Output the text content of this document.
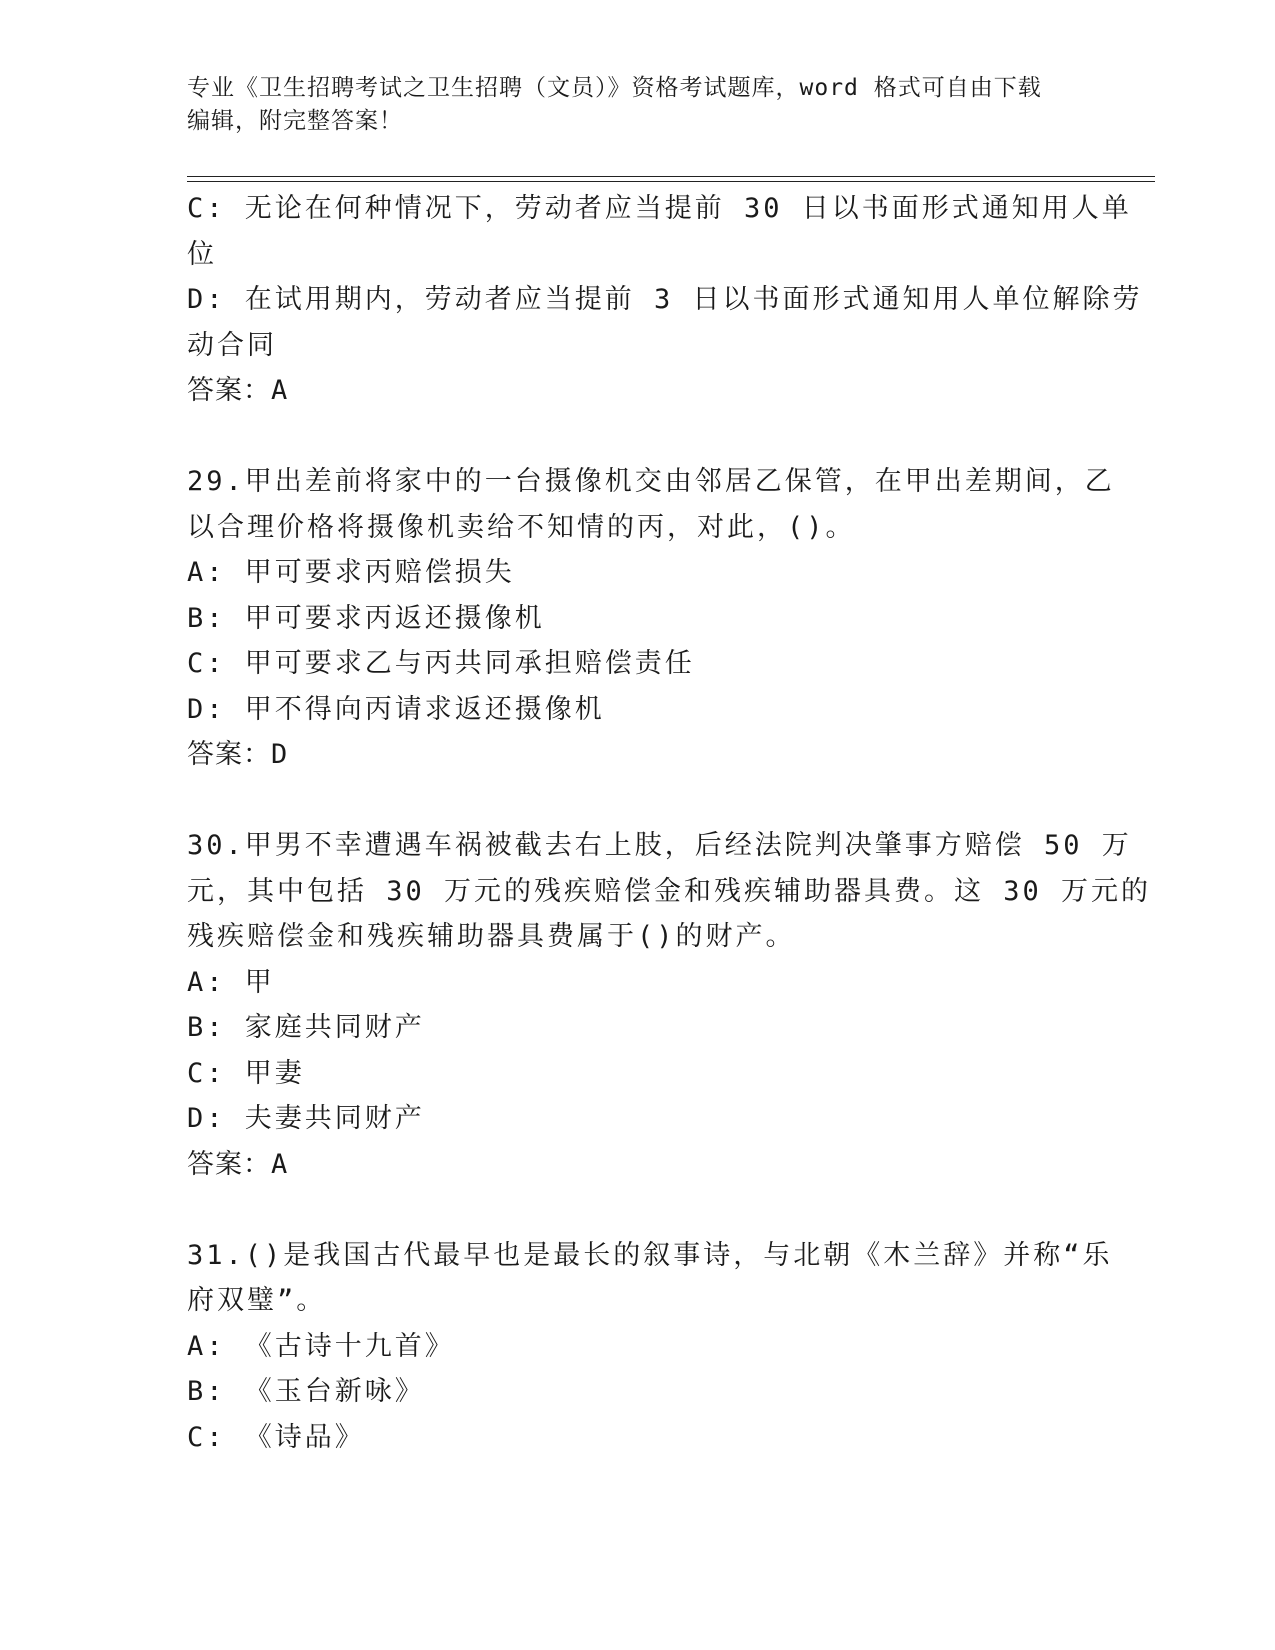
专业《卫生招聘考试之卫生招聘（文员）》资格考试题库，word 格式可自由下载
编辑，附完整答案！
C: 无论在何种情况下，劳动者应当提前 30 日以书面形式通知用人单
位
D: 在试用期内，劳动者应当提前 3 日以书面形式通知用人单位解除劳
动合同
答案：A
29.甲出差前将家中的一台摄像机交由邻居乙保管，在甲出差期间，乙
以合理价格将摄像机卖给不知情的丙，对此，()。
A: 甲可要求丙赔偿损失
B: 甲可要求丙返还摄像机
C: 甲可要求乙与丙共同承担赔偿责任
D: 甲不得向丙请求返还摄像机
答案：D
30.甲男不幸遭遇车祸被截去右上肢，后经法院判决肇事方赔偿 50 万
元，其中包括 30 万元的残疾赔偿金和残疾辅助器具费。这 30 万元的
残疾赔偿金和残疾辅助器具费属于()的财产。
A: 甲
B: 家庭共同财产
C: 甲妻
D: 夫妻共同财产
答案：A
31.()是我国古代最早也是最长的叙事诗，与北朝《木兰辞》并称“乐
府双璧”。
A: 《古诗十九首》
B: 《玉台新咏》
C: 《诗品》
